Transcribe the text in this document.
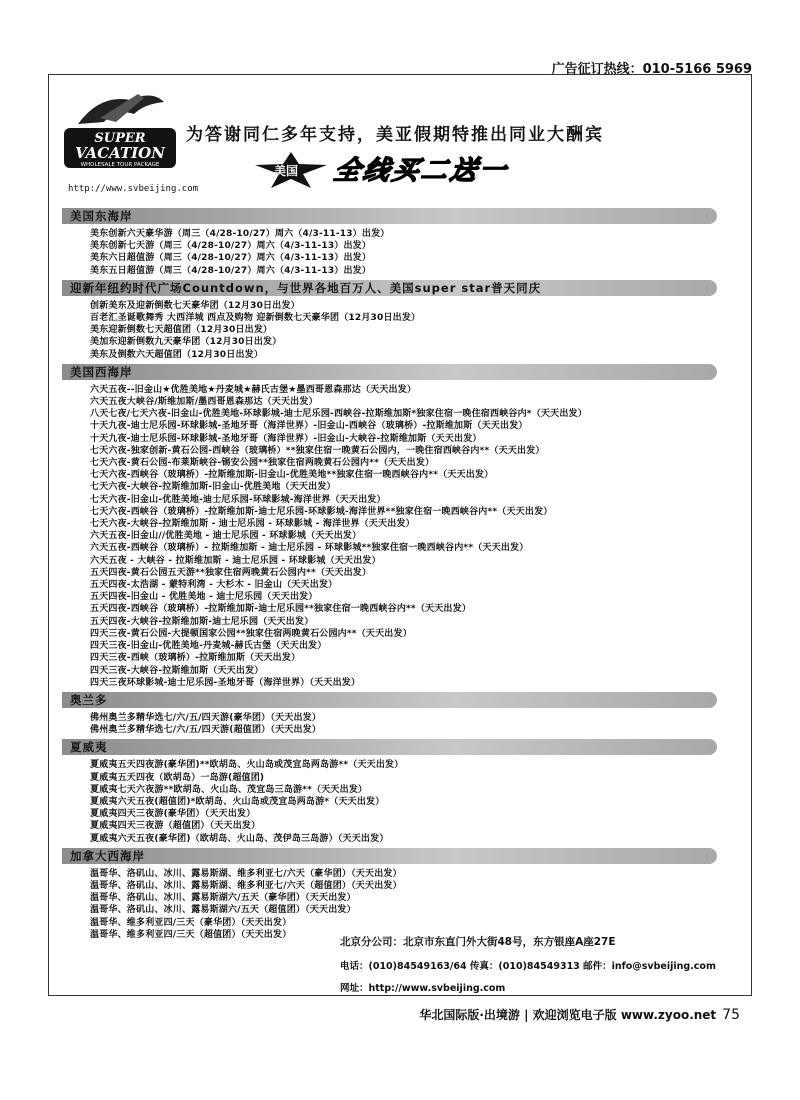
广告征订热线：010-5166 5969
SUPER
VACATION
WHOLESALE TOUR PACKAGE
http://www.svbeijing.com
为答谢同仁多年支持，美亚假期特推出同业大酬宾
美国 全线买二送一
美国东海岸
美东创新六天豪华游（周三（4/28-10/27）周六（4/3-11-13）出发）
美东创新七天游（周三（4/28-10/27）周六（4/3-11-13）出发）
美东六日超值游（周三（4/28-10/27）周六（4/3-11-13）出发）
美东五日超值游（周三（4/28-10/27）周六（4/3-11-13）出发）
迎新年纽约时代广场Countdown，与世界各地百万人、美国super star普天同庆
创新美东及迎新倒数七天豪华团（12月30日出发）
百老汇圣诞歌舞秀 大西洋城 西点及购物 迎新倒数七天豪华团（12月30日出发）
美东迎新倒数七天超值团（12月30日出发）
美加东迎新倒数九天豪华团（12月30日出发）
美东及倒数六天超值团（12月30日出发）
美国西海岸
六天五夜--旧金山★优胜美地★丹麦城★赫氏古堡★墨西哥恩森那达（天天出发）
六天五夜大峡谷/斯维加斯/墨西哥恩森那达（天天出发）
八天七夜/七天六夜-旧金山-优胜美地-环球影城-迪士尼乐园-西峡谷-拉斯维加斯*独家住宿一晚住宿西峡谷内*（天天出发）
十天九夜-迪士尼乐园-环球影城-圣地牙哥（海洋世界）-旧金山-西峡谷（玻璃桥）-拉斯维加斯（天天出发）
十天九夜-迪士尼乐园-环球影城-圣地牙哥（海洋世界）-旧金山-大峡谷-拉斯维加斯（天天出发）
七天六夜-独家创新-黄石公园-西峡谷（玻璃桥）**独家住宿一晚黄石公园内，一晚住宿西峡谷内**（天天出发）
七天六夜-黄石公园-布莱斯峡谷-锡安公园**独家住宿两晚黄石公园内**（天天出发）
七天六夜-西峡谷（玻璃桥）-拉斯维加斯-旧金山-优胜美地**独家住宿一晚西峡谷内**（天天出发）
七天六夜-大峡谷-拉斯维加斯-旧金山-优胜美地（天天出发）
七天六夜-旧金山-优胜美地-迪士尼乐园-环球影城-海洋世界（天天出发）
七天六夜-西峡谷（玻璃桥）-拉斯维加斯-迪士尼乐园-环球影城-海洋世界**独家住宿一晚西峡谷内**（天天出发）
七天六夜-大峡谷-拉斯维加斯 - 迪士尼乐园 - 环球影城 - 海洋世界（天天出发）
六天五夜-旧金山//优胜美地 - 迪士尼乐园 - 环球影城（天天出发）
六天五夜-西峡谷（玻璃桥）- 拉斯维加斯 - 迪士尼乐园 - 环球影城**独家住宿一晚西峡谷内**（天天出发）
六天五夜 - 大峡谷 - 拉斯维加斯 - 迪士尼乐园 - 环球影城（天天出发）
五天四夜-黄石公园五天游**独家住宿两晚黄石公园内**（天天出发）
五天四夜-太浩湖 - 蒙特利湾 - 大杉木 - 旧金山（天天出发）
五天四夜-旧金山 - 优胜美地 - 迪士尼乐园（天天出发）
五天四夜-西峡谷（玻璃桥）-拉斯维加斯-迪士尼乐园**独家住宿一晚西峡谷内**（天天出发）
五天四夜-大峡谷-拉斯维加斯-迪士尼乐园（天天出发）
四天三夜-黄石公园-大提顿国家公园**独家住宿两晚黄石公园内**（天天出发）
四天三夜-旧金山-优胜美地-丹麦城-赫氏古堡（天天出发）
四天三夜-西峡（玻璃桥）-拉斯维加斯（天天出发）
四天三夜-大峡谷-拉斯维加斯（天天出发）
四天三夜环球影城-迪士尼乐园-圣地牙哥（海洋世界）（天天出发）
奥兰多
佛州奥兰多精华选七/六/五/四天游(豪华团）（天天出发）
佛州奥兰多精华选七/六/五/四天游(超值团）（天天出发）
夏威夷
夏威夷五天四夜游(豪华团)**欧胡岛、火山岛或茂宜岛两岛游**（天天出发）
夏威夷五天四夜（欧胡岛）一岛游(超值团)
夏威夷七天六夜游**欧胡岛、火山岛、茂宜岛三岛游**（天天出发）
夏威夷六天五夜(超值团)*欧胡岛、火山岛或茂宜岛两岛游*（天天出发）
夏威夷四天三夜游(豪华团）（天天出发）
夏威夷四天三夜游（超值团）（天天出发）
夏威夷六天五夜(豪华团)（欧胡岛、火山岛、茂伊岛三岛游）（天天出发）
加拿大西海岸
温哥华、洛矶山、冰川、露易斯湖、维多利亚七/六天（豪华团）（天天出发）
温哥华、洛矶山、冰川、露易斯湖、维多利亚七/六天（超值团）（天天出发）
温哥华、洛矶山、冰川、露易斯湖六/五天（豪华团）（天天出发）
温哥华、洛矶山、冰川、露易斯湖六/五天（超值团）（天天出发）
温哥华、维多利亚四/三天（豪华团）（天天出发）
温哥华、维多利亚四/三天（超值团）（天天出发）
北京分公司：北京市东直门外大街48号，东方银座A座27E
电话：(010)84549163/64 传真：(010)84549313 邮件：info@svbeijing.com
网址：http://www.svbeijing.com
华北国际版·出境游 | 欢迎浏览电子版 www.zyoo.net 75
